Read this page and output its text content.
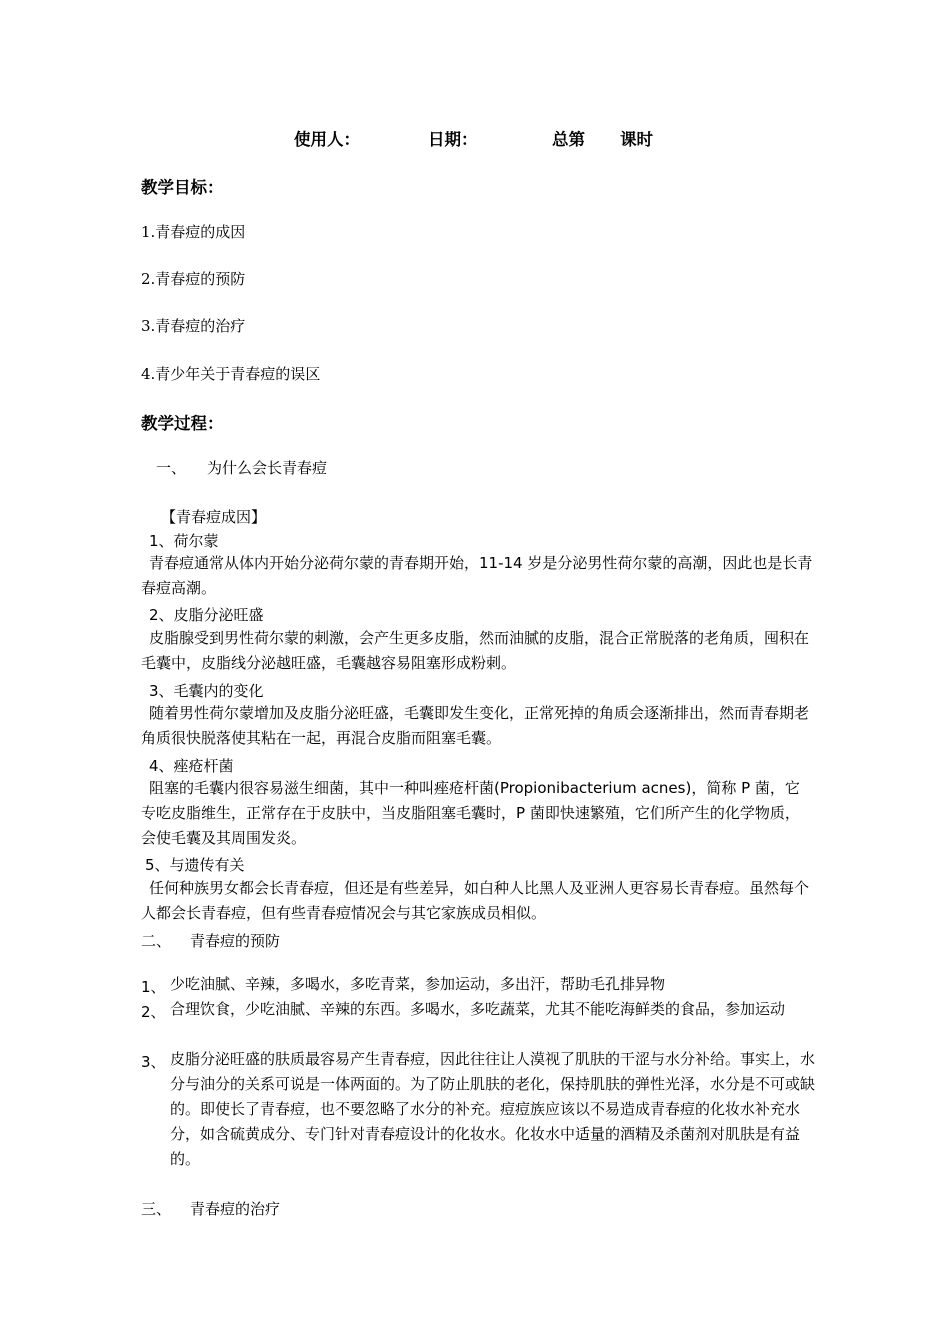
使用人：	日期：	总第 课时
教学目标：
1.青春痘的成因
2.青春痘的预防
3.青春痘的治疗
4.青少年关于青春痘的误区
教学过程：
一、 为什么会长青春痘
【青春痘成因】
1、荷尔蒙
青春痘通常从体内开始分泌荷尔蒙的青春期开始，11-14 岁是分泌男性荷尔蒙的高潮，因此也是长青春痘高潮。
2、皮脂分泌旺盛
皮脂腺受到男性荷尔蒙的刺激，会产生更多皮脂，然而油腻的皮脂，混合正常脱落的老角质，囤积在毛囊中，皮脂线分泌越旺盛，毛囊越容易阻塞形成粉刺。
3、毛囊内的变化
随着男性荷尔蒙增加及皮脂分泌旺盛，毛囊即发生变化，正常死掉的角质会逐渐排出，然而青春期老角质很快脱落使其粘在一起，再混合皮脂而阻塞毛囊。
4、痤疮杆菌
阻塞的毛囊内很容易滋生细菌，其中一种叫痤疮杆菌(Propionibacterium acnes)，简称 P 菌，它专吃皮脂维生，正常存在于皮肤中，当皮脂阻塞毛囊时，P 菌即快速繁殖，它们所产生的化学物质，会使毛囊及其周围发炎。
5、与遗传有关
任何种族男女都会长青春痘，但还是有些差异，如白种人比黑人及亚洲人更容易长青春痘。虽然每个人都会长青春痘，但有些青春痘情况会与其它家族成员相似。
二、 青春痘的预防
1、 少吃油腻、辛辣，多喝水，多吃青菜，参加运动，多出汗，帮助毛孔排异物
2、 合理饮食，少吃油腻、辛辣的东西。多喝水，多吃蔬菜，尤其不能吃海鲜类的食品，参加运动
3、 皮脂分泌旺盛的肤质最容易产生青春痘，因此往往让人漠视了肌肤的干涩与水分补给。事实上，水分与油分的关系可说是一体两面的。为了防止肌肤的老化，保持肌肤的弹性光泽，水分是不可或缺的。即使长了青春痘，也不要忽略了水分的补充。痘痘族应该以不易造成青春痘的化妆水补充水分，如含硫黄成分、专门针对青春痘设计的化妆水。化妆水中适量的酒精及杀菌剂对肌肤是有益的。
三、 青春痘的治疗
